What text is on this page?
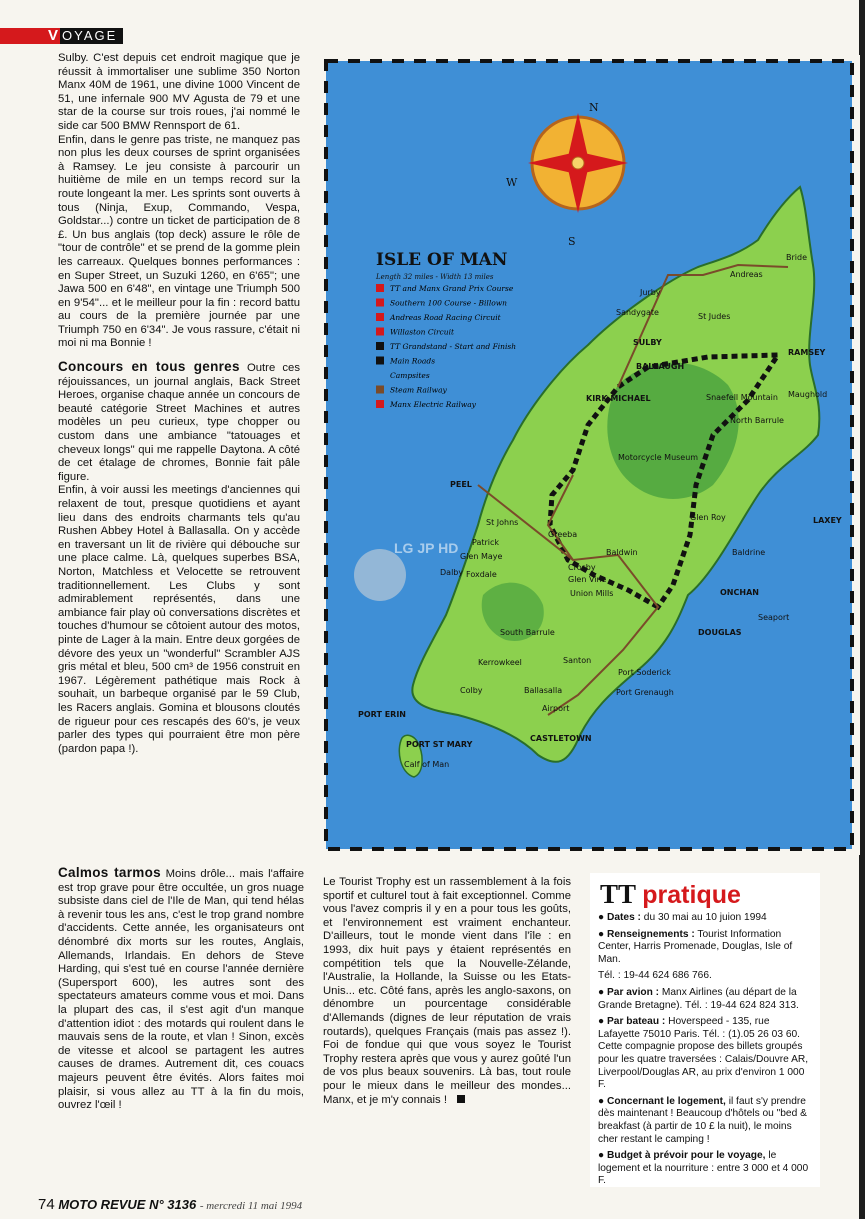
V OYAGE

Sulby. C'est depuis cet endroit magique que je réussit à immortaliser une sublime 350 Norton Manx 40M de 1961, une divine 1000 Vincent de 51, une infernale 900 MV Agusta de 79 et une star de la course sur trois roues, j'ai nommé le side car 500 BMW Rennsport de 61.

Enfin, dans le genre pas triste, ne manquez pas non plus les deux courses de sprint organisées à Ramsey. Le jeu consiste à parcourir un huitième de mile en un temps record sur la route longeant la mer. Les sprints sont ouverts à tous (Ninja, Exup, Commando, Vespa, Goldstar...) contre un ticket de participation de 8 £. Un bus anglais (top deck) assure le rôle de "tour de contrôle" et se prend de la gomme plein les carreaux. Quelques bonnes performances : en Super Street, un Suzuki 1260, en 6'65"; une Jawa 500 en 6'48", en vintage une Triumph 500 en 9'54"... et le meilleur pour la fin : record battu au cours de la première journée par une Triumph 750 en 6'34". Je vous rassure, c'était ni moi ni ma Bonnie !

Concours en tous genres Outre ces réjouissances, un journal anglais, Back Street Heroes, organise chaque année un concours de beauté catégorie Street Machines et autres modèles un peu curieux, type chopper ou custom dans une ambiance "tatouages et cheveux longs" qui me rappelle Daytona. A côté de cet étalage de chromes, Bonnie fait pâle figure.

Enfin, à voir aussi les meetings d'anciennes qui relaxent de tout, presque quotidiens et ayant lieu dans des endroits charmants tels qu'au Rushen Abbey Hotel à Ballasalla. On y accède en traversant un lit de rivière qui débouche sur une place calme. Là, quelques superbes BSA, Norton, Matchless et Velocette se retrouvent traditionnellement. Les Clubs y sont admirablement représentés, dans une ambiance fair play où conversations discrètes et touches d'humour se côtoient autour des motos, pinte de Lager à la main. Entre deux gorgées de dévore des yeux un "wonderful" Scrambler AJS gris métal et bleu, 500 cm³ de 1956 construit en 1967. Légèrement pathétique mais Rock à souhait, un barbeque organisé par le 59 Club, les Racers anglais. Gomina et blousons cloutés de rigueur pour ces rescapés des 60's, je veux parler des types qui pourraient être mon père (pardon papa !).

Calmos tarmos Moins drôle... mais l'affaire est trop grave pour être occultée, un gros nuage subsiste dans ciel de l'Ile de Man, qui tend hélas à revenir tous les ans, c'est le trop grand nombre d'accidents. Cette année, les organisateurs ont dénombré dix morts sur les routes, Anglais, Allemands, Irlandais. En dehors de Steve Harding, qui s'est tué en course l'année dernière (Supersport 600), les autres sont des spectateurs amateurs comme vous et moi. Dans la plupart des cas, il s'est agit d'un manque d'attention idiot : des motards qui roulent dans le mauvais sens de la route, et vlan ! Sinon, excès de vitesse et alcool se partagent les autres causes de drames. Autrement dit, ces couacs majeurs peuvent être évités. Alors faites moi plaisir, si vous allez au TT à la fin du mois, ouvrez l'œil !

Le Tourist Trophy est un rassemblement à la fois sportif et culturel tout à fait exceptionnel. Comme vous l'avez compris il y en a pour tous les goûts, et l'environnement est vraiment enchanteur. D'ailleurs, tout le monde vient dans l'île : en 1993, dix huit pays y étaient représentés en compétition tels que la Nouvelle-Zélande, l'Australie, la Hollande, la Suisse ou les Etats-Unis... etc. Côté fans, après les anglo-saxons, on dénombre un pourcentage considérable d'Allemands (dignes de leur réputation de vrais routards), quelques Français (mais pas assez !). Foi de fondue qui que vous soyez le Tourist Trophy restera après que vous y aurez goûté l'un de vos plus beaux souvenirs. Là bas, tout roule pour le mieux dans le meilleur des mondes... Manx, et je m'y connais !

N
S
W
ISLE OF MAN
Length 32 miles - Width 13 miles
TT and Manx Grand Prix Course
Southern 100 Course - Billown
Andreas Road Racing Circuit
Willaston Circuit
TT Grandstand - Start and Finish
Main Roads
Campsites
Steam Railway
Manx Electric Railway
Bride
Andreas
Jurby
Sandygate	St Judes
RAMSEY
SULBY
BALLAUGH
KIRK MICHAEL	Snaefell Mountain
North Barrule
Maughold
PEEL
St Johns
Patrick
Glen Maye
Greeba
Dalby Foxdale
Crosby
Glen Vine
Union Mills
Baldwin
Glen Roy	LAXEY
Baldrine
ONCHAN
DOUGLAS
Seaport
South Barrule
Kerrowkeel	Santon
Port Soderick
Port Grenaugh
Colby	Ballasalla
Airport
PORT ERIN
PORT ST MARY
CASTLETOWN
Calf of Man
Motorcycle Museum
LG JP HD
TT pratique
● Dates : du 30 mai au 10 juion 1994
● Renseignements : Tourist Information Center, Harris Promenade, Douglas, Isle of Man.
Tél. : 19-44 624 686 766.
● Par avion : Manx Airlines (au départ de la Grande Bretagne). Tél. : 19-44 624 824 313.
● Par bateau : Hoverspeed - 135, rue Lafayette 75010 Paris. Tél. : (1).05 26 03 60. Cette compagnie propose des billets groupés pour les quatre traversées : Calais/Douvre AR, Liverpool/Douglas AR, au prix d'environ 1 000 F.
● Concernant le logement, il faut s'y prendre dès maintenant ! Beaucoup d'hôtels ou "bed & breakfast (à partir de 10 £ la nuit), le moins cher restant le camping !
● Budget à prévoir pour le voyage, le logement et la nourriture : entre 3 000 et 4 000 F.
74 MOTO REVUE N° 3136 - mercredi 11 mai 1994
